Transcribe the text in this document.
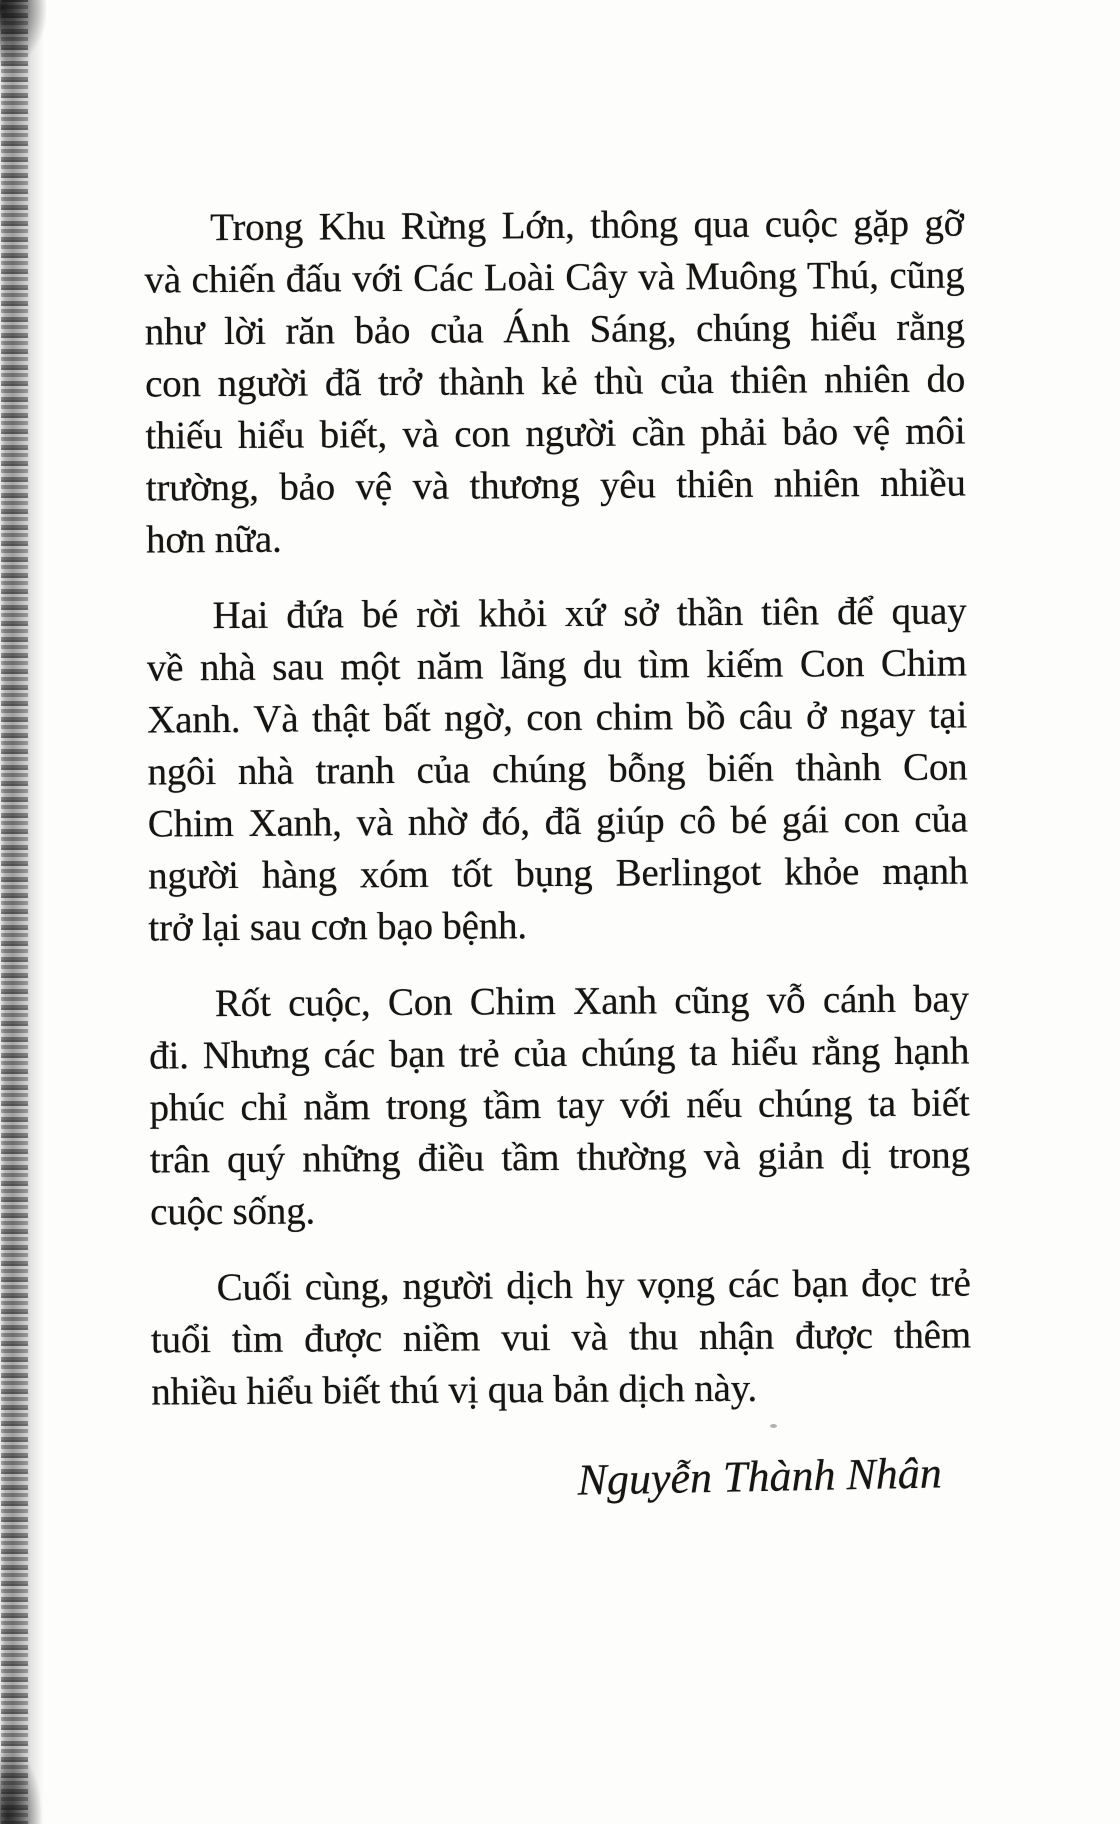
Trong Khu Rừng Lớn, thông qua cuộc gặp gỡ
và chiến đấu với Các Loài Cây và Muông Thú, cũng
như lời răn bảo của Ánh Sáng, chúng hiểu rằng
con người đã trở thành kẻ thù của thiên nhiên do
thiếu hiểu biết, và con người cần phải bảo vệ môi
trường, bảo vệ và thương yêu thiên nhiên nhiều
hơn nữa.
Hai đứa bé rời khỏi xứ sở thần tiên để quay
về nhà sau một năm lãng du tìm kiếm Con Chim
Xanh. Và thật bất ngờ, con chim bồ câu ở ngay tại
ngôi nhà tranh của chúng bỗng biến thành Con
Chim Xanh, và nhờ đó, đã giúp cô bé gái con của
người hàng xóm tốt bụng Berlingot khỏe mạnh
trở lại sau cơn bạo bệnh.
Rốt cuộc, Con Chim Xanh cũng vỗ cánh bay
đi. Nhưng các bạn trẻ của chúng ta hiểu rằng hạnh
phúc chỉ nằm trong tầm tay với nếu chúng ta biết
trân quý những điều tầm thường và giản dị trong
cuộc sống.
Cuối cùng, người dịch hy vọng các bạn đọc trẻ
tuổi tìm được niềm vui và thu nhận được thêm
nhiều hiểu biết thú vị qua bản dịch này.
Nguyễn Thành Nhân
